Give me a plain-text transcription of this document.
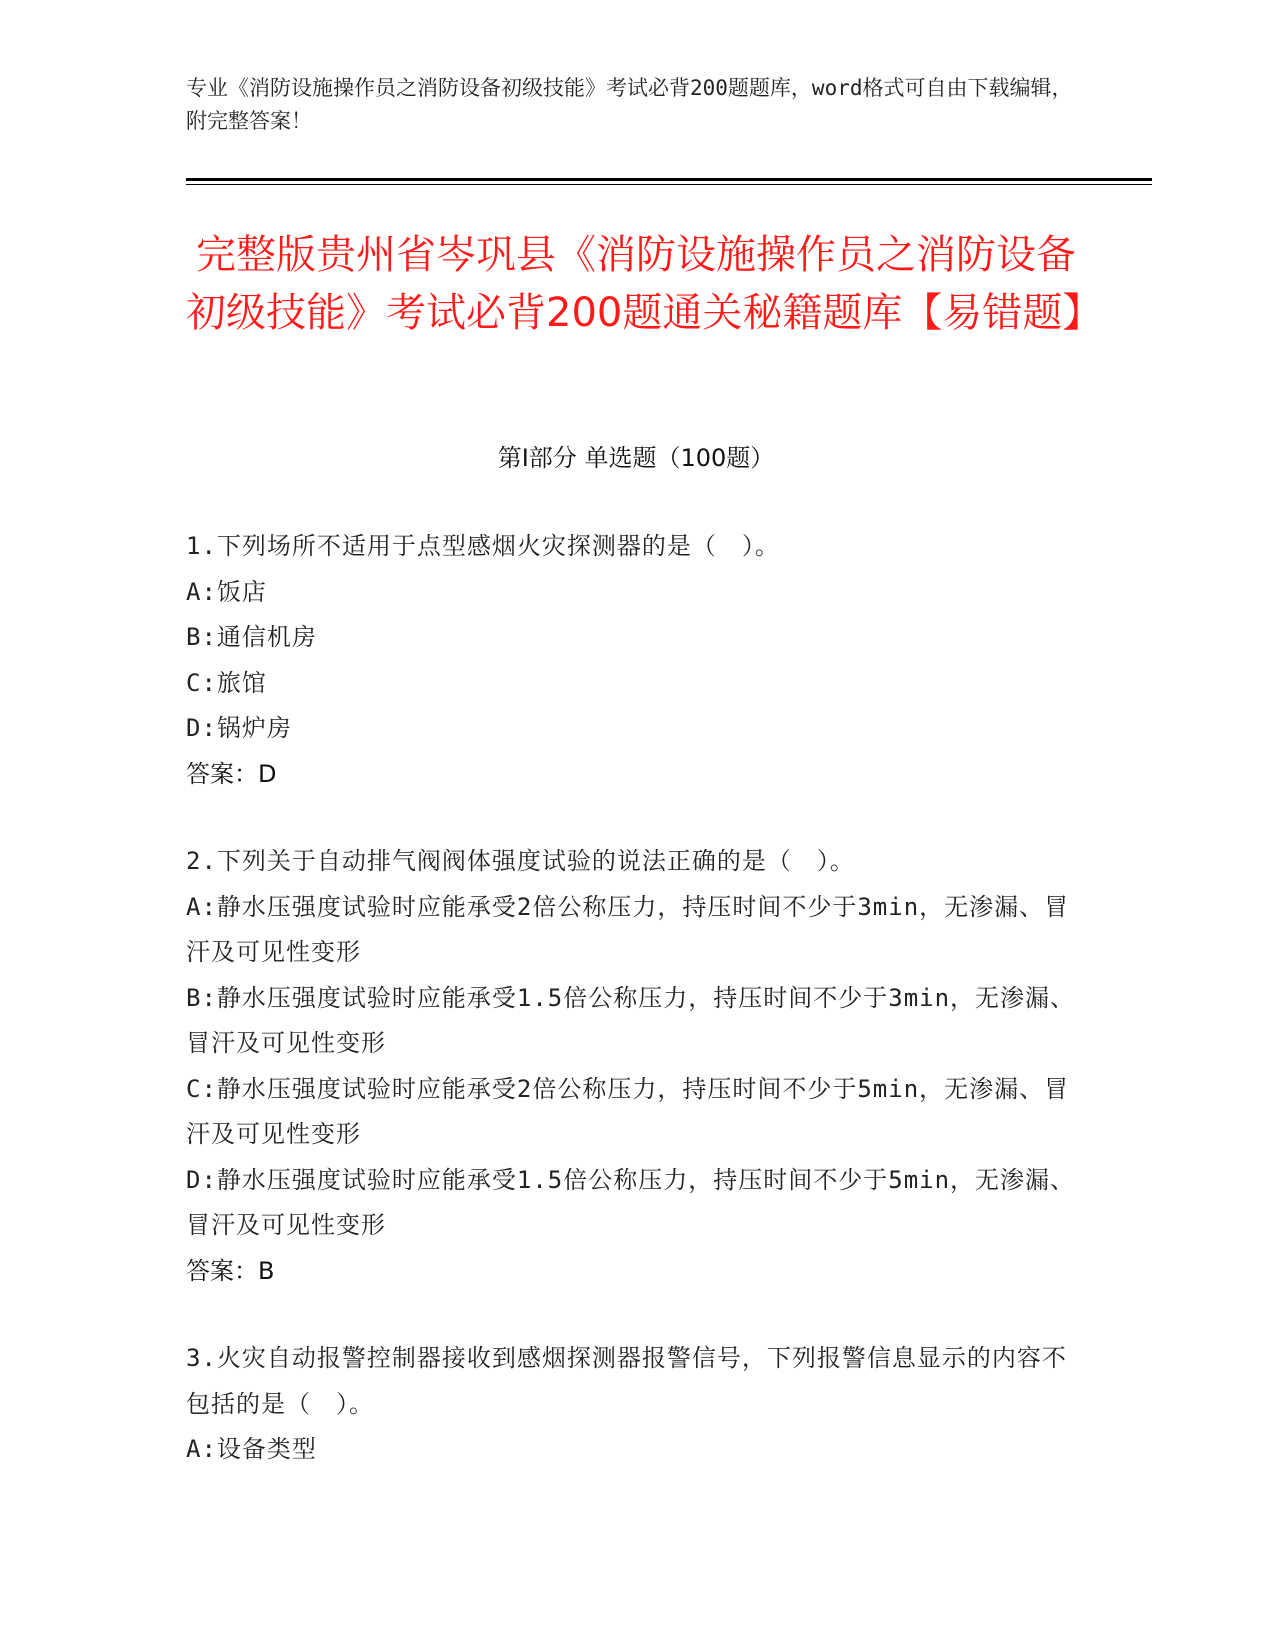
专业《消防设施操作员之消防设备初级技能》考试必背200题题库，word格式可自由下载编辑，附完整答案！
完整版贵州省岑巩县《消防设施操作员之消防设备初级技能》考试必背200题通关秘籍题库【易错题】
第I部分 单选题（100题）
1.下列场所不适用于点型感烟火灾探测器的是（　）。
A:饭店
B:通信机房
C:旅馆
D:锅炉房
答案：D
2.下列关于自动排气阀阀体强度试验的说法正确的是（　）。
A:静水压强度试验时应能承受2倍公称压力，持压时间不少于3min，无渗漏、冒汗及可见性变形
B:静水压强度试验时应能承受1.5倍公称压力，持压时间不少于3min，无渗漏、冒汗及可见性变形
C:静水压强度试验时应能承受2倍公称压力，持压时间不少于5min，无渗漏、冒汗及可见性变形
D:静水压强度试验时应能承受1.5倍公称压力，持压时间不少于5min，无渗漏、冒汗及可见性变形
答案：B
3.火灾自动报警控制器接收到感烟探测器报警信号，下列报警信息显示的内容不包括的是（　）。
A:设备类型
